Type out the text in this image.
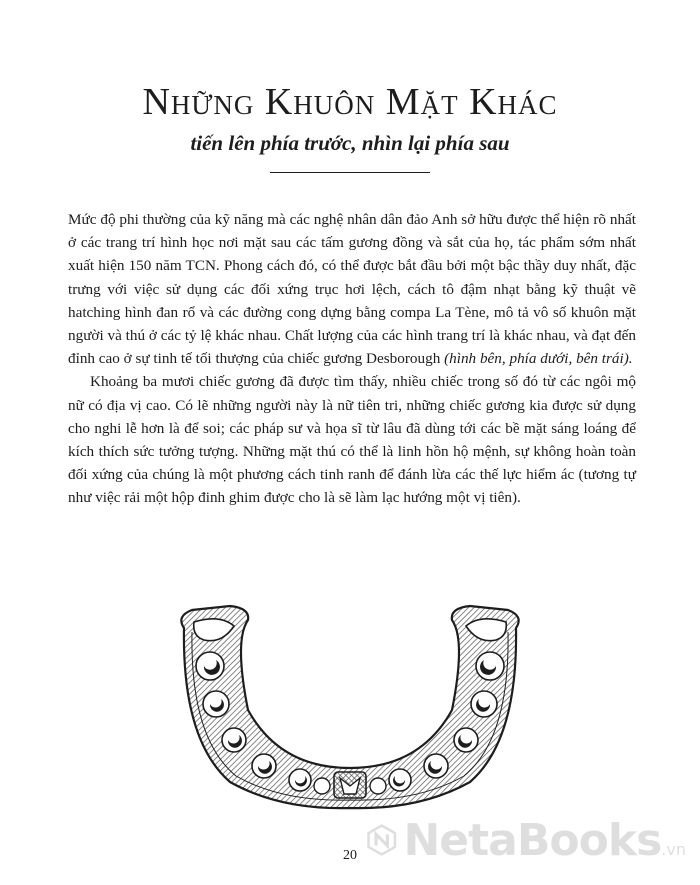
Những Khuôn Mặt Khác
tiến lên phía trước, nhìn lại phía sau

Mức độ phi thường của kỹ năng mà các nghệ nhân dân đảo Anh sở hữu được thể hiện rõ nhất ở các trang trí hình học nơi mặt sau các tấm gương đồng và sắt của họ, tác phẩm sớm nhất xuất hiện 150 năm TCN. Phong cách đó, có thể được bắt đầu bởi một bậc thầy duy nhất, đặc trưng với việc sử dụng các đối xứng trục hơi lệch, cách tô đậm nhạt bằng kỹ thuật vẽ hatching hình đan rổ và các đường cong dựng bằng compa La Tène, mô tả vô số khuôn mặt người và thú ở các tỷ lệ khác nhau. Chất lượng của các hình trang trí là khác nhau, và đạt đến đỉnh cao ở sự tinh tế tối thượng của chiếc gương Desborough (hình bên, phía dưới, bên trái).

Khoảng ba mươi chiếc gương đã được tìm thấy, nhiều chiếc trong số đó từ các ngôi mộ nữ có địa vị cao. Có lẽ những người này là nữ tiên tri, những chiếc gương kia được sử dụng cho nghi lễ hơn là để soi; các pháp sư và họa sĩ từ lâu đã dùng tới các bề mặt sáng loáng để kích thích sức tưởng tượng. Những mặt thú có thể là linh hồn hộ mệnh, sự không hoàn toàn đối xứng của chúng là một phương cách tinh ranh để đánh lừa các thế lực hiểm ác (tương tự như việc rải một hộp đinh ghim được cho là sẽ làm lạc hướng một vị tiên).

20	NetaBooks .vn
